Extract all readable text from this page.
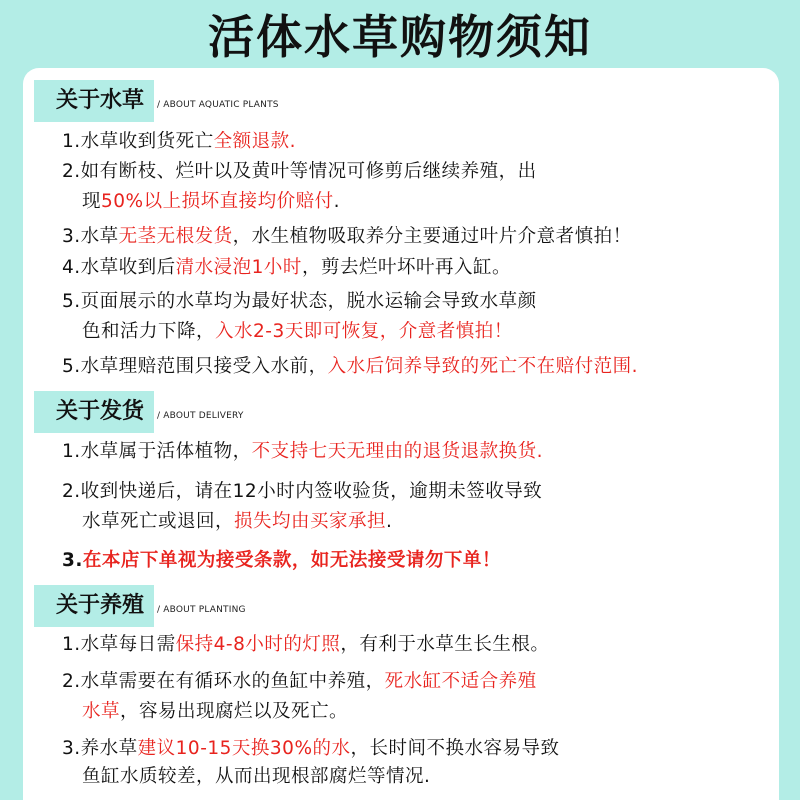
活体水草购物须知
关于水草	/ ABOUT AQUATIC PLANTS
1.水草收到货死亡全额退款.
2.如有断枝、烂叶以及黄叶等情况可修剪后继续养殖，出
现50%以上损坏直接均价赔付.
3.水草无茎无根发货，水生植物吸取养分主要通过叶片介意者慎拍！
4.水草收到后清水浸泡1小时，剪去烂叶坏叶再入缸。
5.页面展示的水草均为最好状态，脱水运输会导致水草颜
色和活力下降，入水2-3天即可恢复，介意者慎拍！
5.水草理赔范围只接受入水前，入水后饲养导致的死亡不在赔付范围.
1.水草属于活体植物，不支持七天无理由的退货退款换货.
2.收到快递后，请在12小时内签收验货，逾期未签收导致
水草死亡或退回，损失均由买家承担.
3.在本店下单视为接受条款，如无法接受请勿下单！
1.水草每日需保持4-8小时的灯照，有利于水草生长生根。
2.水草需要在有循环水的鱼缸中养殖，死水缸不适合养殖
水草，容易出现腐烂以及死亡。
3.养水草建议10-15天换30%的水，长时间不换水容易导致
鱼缸水质较差，从而出现根部腐烂等情况.
关于发货	/ ABOUT DELIVERY
关于养殖	/ ABOUT PLANTING
